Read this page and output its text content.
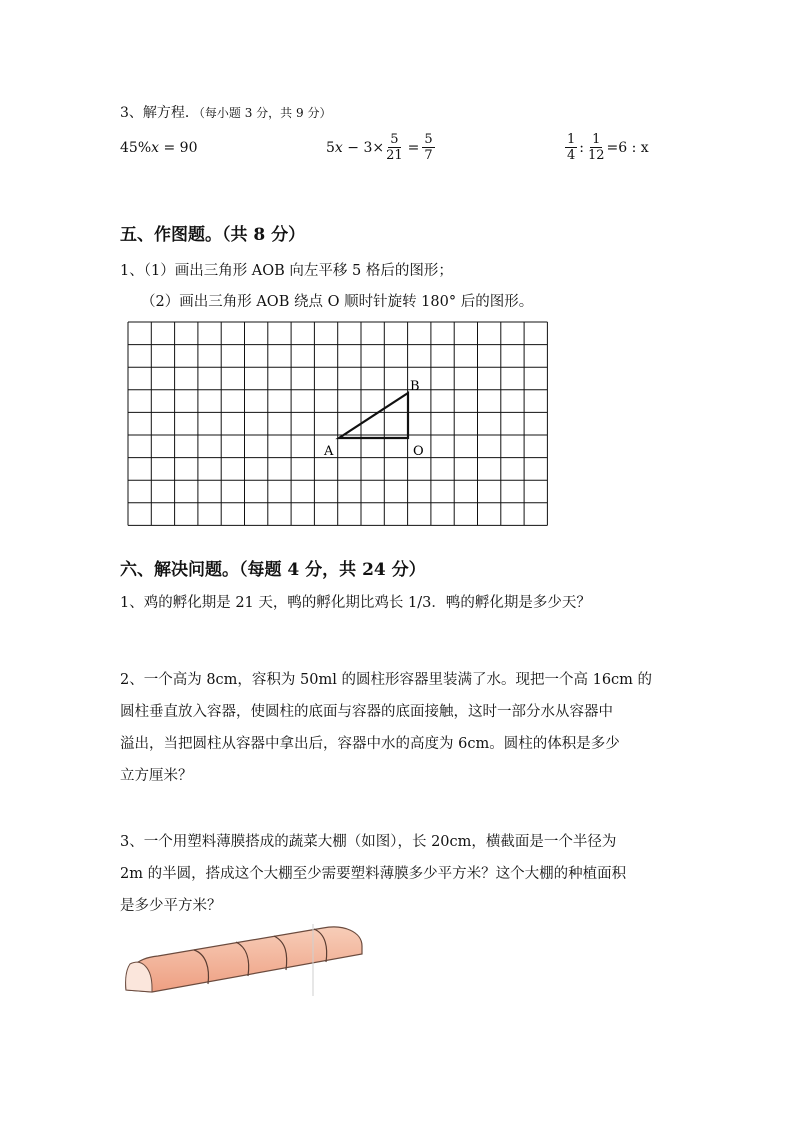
3、解方程．（每小题 3 分，共 9 分）
45% x
= 90	5 x
− $3\times \frac{5}{21} = \frac{5}{7}$	$\frac{1}{4}$ : $\frac{1}{12} =6$ : x
五、作图题。（共 8 分）
1、（1）画出三角形 AOB 向左平移 5 格后的图形；
（2）画出三角形 AOB 绕点 O 顺时针旋转 180° 后的图形。
A
B
O
六、解决问题。（每题 4 分，共 24 分）
1、鸡的孵化期是 21 天，鸭的孵化期比鸡长 1/3．鸭的孵化期是多少天？
2、一个高为 8cm，容积为 50ml 的圆柱形容器里装满了水。现把一个高 16cm 的
圆柱垂直放入容器，使圆柱的底面与容器的底面接触，这时一部分水从容器中
溢出，当把圆柱从容器中拿出后，容器中水的高度为 6cm。圆柱的体积是多少
立方厘米？
3、一个用塑料薄膜搭成的蔬菜大棚（如图），长 20cm，横截面是一个半径为
2m 的半圆，搭成这个大棚至少需要塑料薄膜多少平方米？这个大棚的种植面积
是多少平方米？
